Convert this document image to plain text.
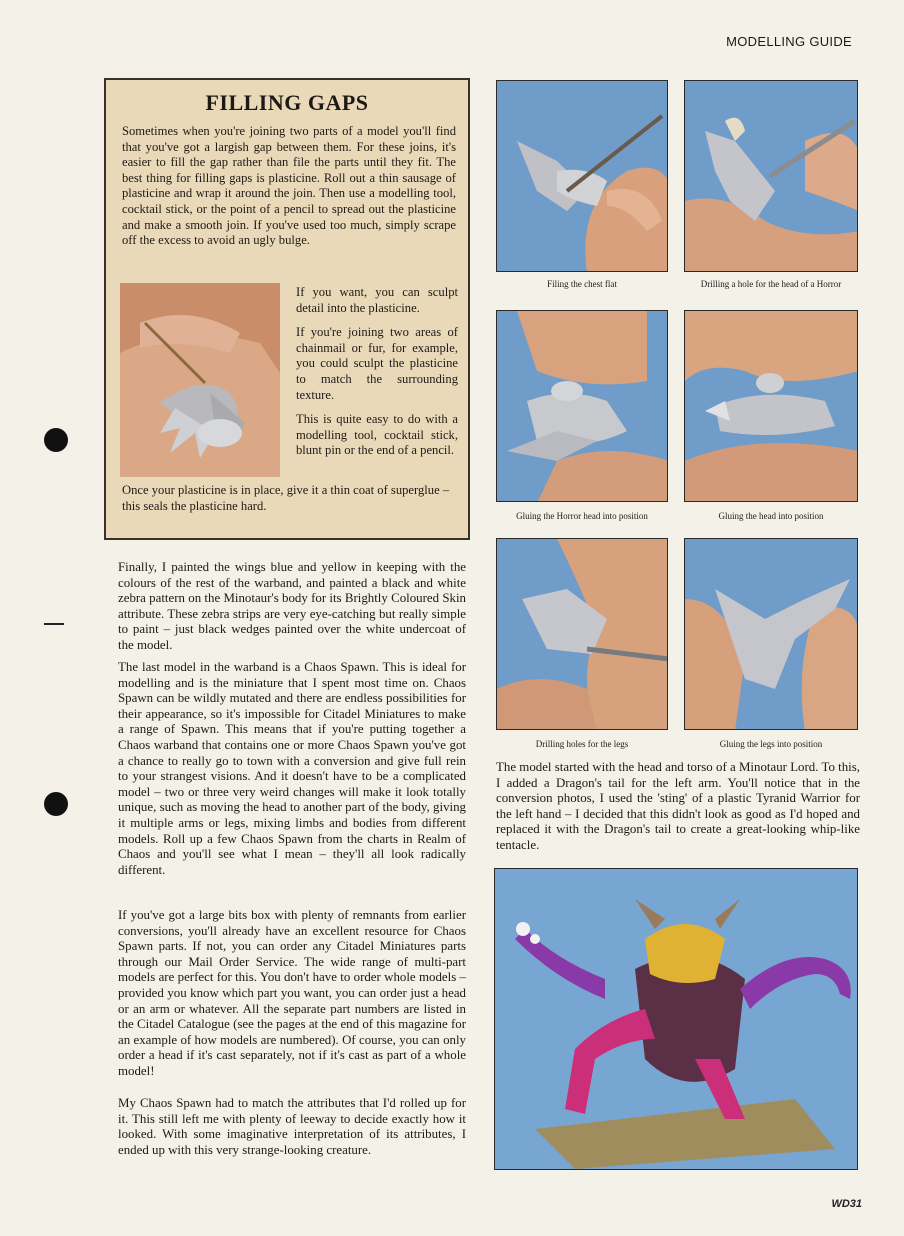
MODELLING GUIDE
FILLING GAPS

Sometimes when you're joining two parts of a model you'll find that you've got a largish gap between them. For these joins, it's easier to fill the gap rather than file the parts until they fit. The best thing for filling gaps is plasticine. Roll out a thin sausage of plasticine and wrap it around the join. Then use a modelling tool, cocktail stick, or the point of a pencil to spread out the plasticine and make a smooth join. If you've used too much, simply scrape off the excess to avoid an ugly bulge.

If you want, you can sculpt detail into the plasticine.

If you're joining two areas of chainmail or fur, for example, you could sculpt the plasticine to match the surrounding texture.

This is quite easy to do with a modelling tool, cocktail stick, blunt pin or the end of a pencil.

Once your plasticine is in place, give it a thin coat of superglue – this seals the plasticine hard.

Finally, I painted the wings blue and yellow in keeping with the colours of the rest of the warband, and painted a black and white zebra pattern on the Minotaur's body for its Brightly Coloured Skin attribute. These zebra strips are very eye-catching but really simple to paint – just black wedges painted over the white undercoat of the model.

The last model in the warband is a Chaos Spawn. This is ideal for modelling and is the miniature that I spent most time on. Chaos Spawn can be wildly mutated and there are endless possibilities for their appearance, so it's impossible for Citadel Miniatures to make a range of Spawn. This means that if you're putting together a Chaos warband that contains one or more Chaos Spawn you've got a chance to really go to town with a conversion and give full rein to your strangest visions. And it doesn't have to be a complicated model – two or three very weird changes will make it look totally unique, such as moving the head to another part of the body, giving it multiple arms or legs, mixing limbs and bodies from different models. Roll up a few Chaos Spawn from the charts in Realm of Chaos and you'll see what I mean – they'll all look radically different.

If you've got a large bits box with plenty of remnants from earlier conversions, you'll already have an excellent resource for Chaos Spawn parts. If not, you can order any Citadel Miniatures parts through our Mail Order Service. The wide range of multi-part models are perfect for this. You don't have to order whole models – provided you know which part you want, you can order just a head or an arm or whatever. All the separate part numbers are listed in the Citadel Catalogue (see the pages at the end of this magazine for an example of how models are numbered). Of course, you can only order a head if it's cast separately, not if it's cast as part of a whole model!

My Chaos Spawn had to match the attributes that I'd rolled up for it. This still left me with plenty of leeway to decide exactly how it looked. With some imaginative interpretation of its attributes, I ended up with this very strange-looking creature.

Filing the chest flat	Drilling a hole for the head of a Horror
Gluing the Horror head into position	Gluing the head into position
Drilling holes for the legs	Gluing the legs into position

The model started with the head and torso of a Minotaur Lord. To this, I added a Dragon's tail for the left arm. You'll notice that in the conversion photos, I used the 'sting' of a plastic Tyranid Warrior for the left hand – I decided that this didn't look as good as I'd hoped and replaced it with the Dragon's tail to create a great-looking whip-like tentacle.

WD31
